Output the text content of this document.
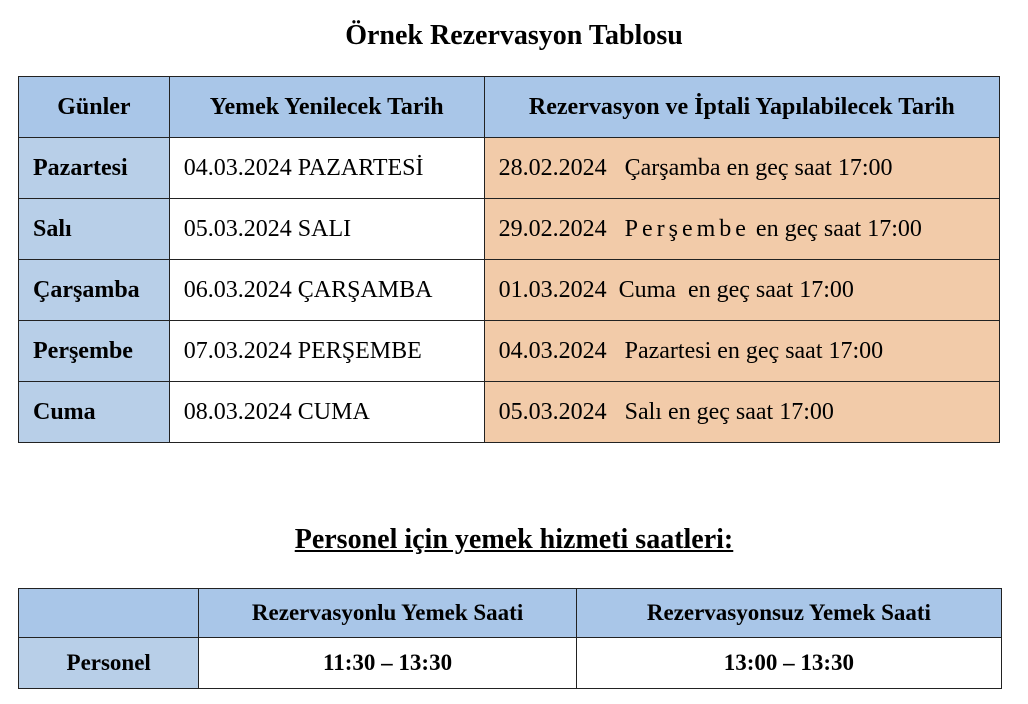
Örnek Rezervasyon Tablosu
Günler	Yemek Yenilecek Tarih	Rezervasyon ve İptali Yapılabilecek Tarih
Pazartesi	04.03.2024 PAZARTESİ	28.02.2024 Çarşamba en geç saat 17:00
Salı	05.03.2024 SALI	29.02.2024 Perşembe en geç saat 17:00
Çarşamba	06.03.2024 ÇARŞAMBA	01.03.2024 Cuma en geç saat 17:00
Perşembe	07.03.2024 PERŞEMBE	04.03.2024 Pazartesi en geç saat 17:00
Cuma	08.03.2024 CUMA	05.03.2024 Salı en geç saat 17:00
Personel için yemek hizmeti saatleri:
	Rezervasyonlu Yemek Saati	Rezervasyonsuz Yemek Saati
Personel	11:30 – 13:30	13:00 – 13:30
